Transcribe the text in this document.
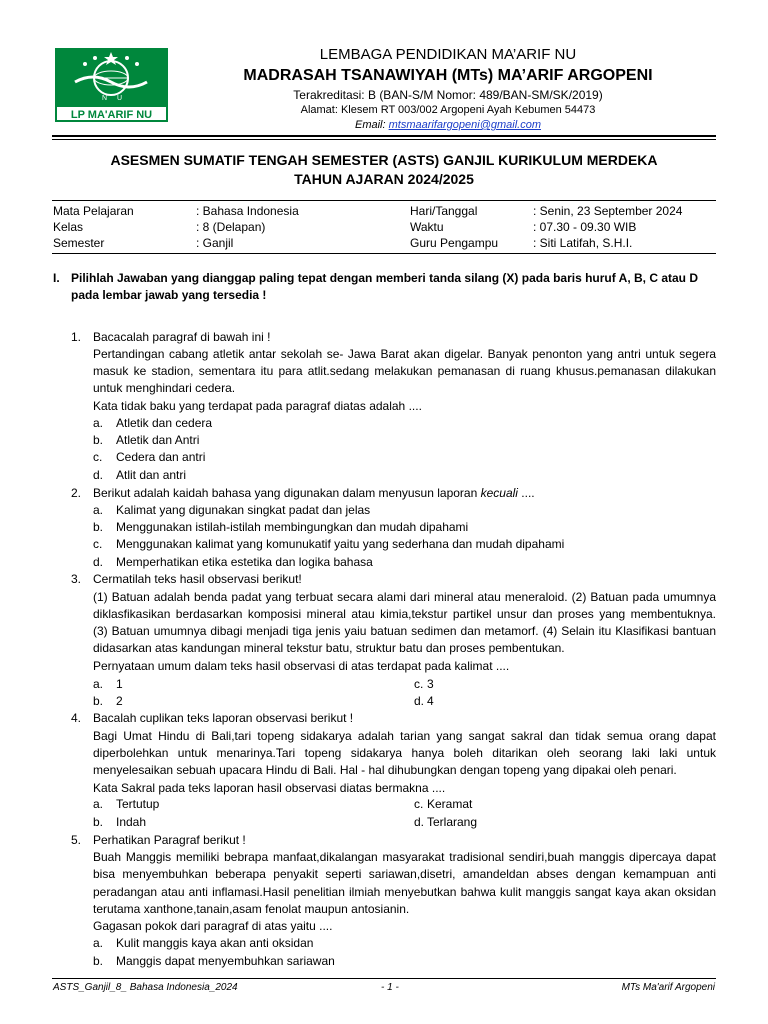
N U
LP MA'ARIF NU
LEMBAGA PENDIDIKAN MA’ARIF NU
MADRASAH TSANAWIYAH (MTs) MA’ARIF ARGOPENI
Terakreditasi: B (BAN-S/M Nomor: 489/BAN-SM/SK/2019)
Alamat: Klesem RT 003/002 Argopeni Ayah Kebumen 54473
Email: mtsmaarifargopeni@gmail.com
ASESMEN SUMATIF TENGAH SEMESTER (ASTS) GANJIL KURIKULUM MERDEKA
TAHUN AJARAN 2024/2025
Mata Pelajaran	: Bahasa Indonesia	Hari/Tanggal	: Senin, 23 September 2024
Kelas	: 8 (Delapan)	Waktu	: 07.30 - 09.30 WIB
Semester	: Ganjil	Guru Pengampu	: Siti Latifah, S.H.I.
I. Pilihlah Jawaban yang dianggap paling tepat dengan memberi tanda silang (X) pada baris huruf A, B, C atau D
pada lembar jawab yang tersedia !
1. Bacacalah paragraf di bawah ini !
Pertandingan cabang atletik antar sekolah se- Jawa Barat akan digelar. Banyak penonton yang antri untuk segera
masuk ke stadion, sementara itu para atlit.sedang melakukan pemanasan di ruang khusus.pemanasan dilakukan
untuk menghindari cedera.
Kata tidak baku yang terdapat pada paragraf diatas adalah ....
a. Atletik dan cedera
b. Atletik dan Antri
c. Cedera dan antri
d. Atlit dan antri
2. Berikut adalah kaidah bahasa yang digunakan dalam menyusun laporan kecuali ....
a. Kalimat yang digunakan singkat padat dan jelas
b. Menggunakan istilah-istilah membingungkan dan mudah dipahami
c. Menggunakan kalimat yang komunukatif yaitu yang sederhana dan mudah dipahami
d. Memperhatikan etika estetika dan logika bahasa
3. Cermatilah teks hasil observasi berikut!
(1) Batuan adalah benda padat yang terbuat secara alami dari mineral atau meneraloid. (2) Batuan pada umumnya
diklasfikasikan berdasarkan komposisi mineral atau kimia,tekstur partikel unsur dan proses yang membentuknya.
(3) Batuan umumnya dibagi menjadi tiga jenis yaiu batuan sedimen dan metamorf. (4) Selain itu Klasifikasi bantuan
didasarkan atas kandungan mineral tekstur batu, struktur batu dan proses pembentukan.
Pernyataan umum dalam teks hasil observasi di atas terdapat pada kalimat ....
a. 1	c. 3
b. 2	d. 4
4. Bacalah cuplikan teks laporan observasi berikut !
Bagi Umat Hindu di Bali,tari topeng sidakarya adalah tarian yang sangat sakral dan tidak semua orang dapat
diperbolehkan untuk menarinya.Tari topeng sidakarya hanya boleh ditarikan oleh seorang laki laki untuk
menyelesaikan sebuah upacara Hindu di Bali. Hal - hal dihubungkan dengan topeng yang dipakai oleh penari.
Kata Sakral pada teks laporan hasil observasi diatas bermakna ....
a. Tertutup	c. Keramat
b. Indah	d. Terlarang
5. Perhatikan Paragraf berikut !
Buah Manggis memiliki bebrapa manfaat,dikalangan masyarakat tradisional sendiri,buah manggis dipercaya dapat
bisa menyembuhkan beberapa penyakit seperti sariawan,disetri, amandeldan abses dengan kemampuan anti
peradangan atau anti inflamasi.Hasil penelitian ilmiah menyebutkan bahwa kulit manggis sangat kaya akan oksidan
terutama xanthone,tanain,asam fenolat maupun antosianin.
Gagasan pokok dari paragraf di atas yaitu ....
a. Kulit manggis kaya akan anti oksidan
b. Manggis dapat menyembuhkan sariawan
ASTS_Ganjil_8_ Bahasa Indonesia_2024	- 1 -	MTs Ma'arif Argopeni
